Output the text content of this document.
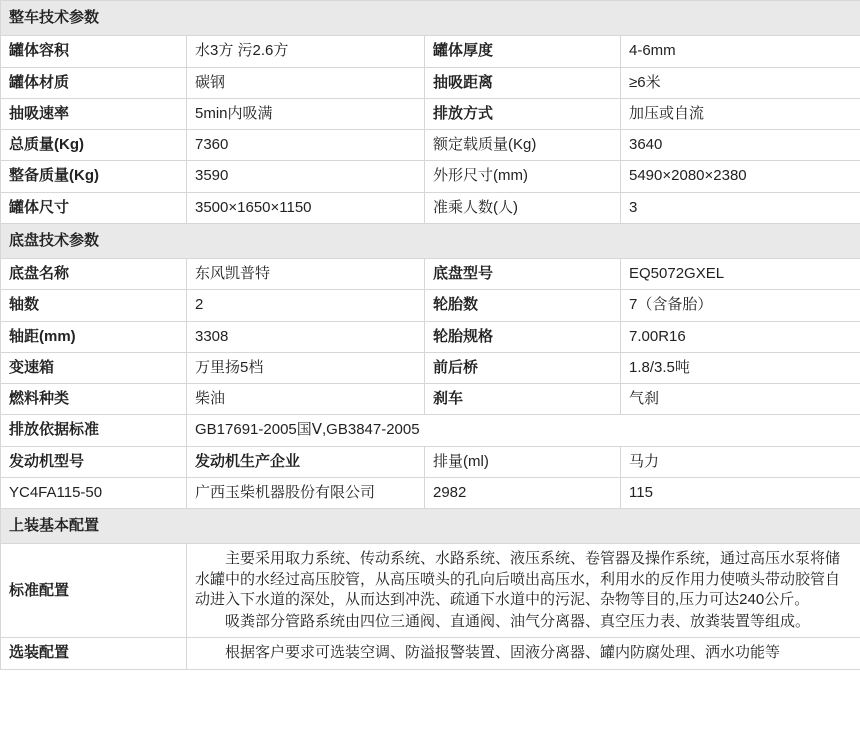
整车技术参数			
罐体容积	水3方 污2.6方	罐体厚度	4-6mm
罐体材质	碳钢	抽吸距离	≥6米
抽吸速率	5min内吸满	排放方式	加压或自流
总质量(Kg)	7360	额定载质量(Kg)	3640
整备质量(Kg)	3590	外形尺寸(mm)	5490×2080×2380
罐体尺寸	3500×1650×1150	准乘人数(人)	3
底盘技术参数			
底盘名称	东风凯普特	底盘型号	EQ5072GXEL
轴数	2	轮胎数	7（含备胎）
轴距(mm)	3308	轮胎规格	7.00R16
变速箱	万里扬5档	前后桥	1.8/3.5吨
燃料种类	柴油	刹车	气刹
排放依据标准	GB17691-2005国Ⅴ,GB3847-2005		
发动机型号	发动机生产企业	排量(ml)	马力
YC4FA115-50	广西玉柴机器股份有限公司	2982	115
上装基本配置			
标准配置	主要采用取力系统、传动系统、水路系统、液压系统、卷管器及操作系统，通过高压水泵将储水罐中的水经过高压胶管，从高压喷头的孔向后喷出高压水，利用水的反作用力使喷头带动胶管自动进入下水道的深处，从而达到冲洗、疏通下水道中的污泥、杂物等目的,压力可达240公斤。

吸粪部分管路系统由四位三通阀、直通阀、油气分离器、真空压力表、放粪装置等组成。		

选装配置	根据客户要求可选装空调、防溢报警装置、固液分离器、罐内防腐处理、洒水功能等		
